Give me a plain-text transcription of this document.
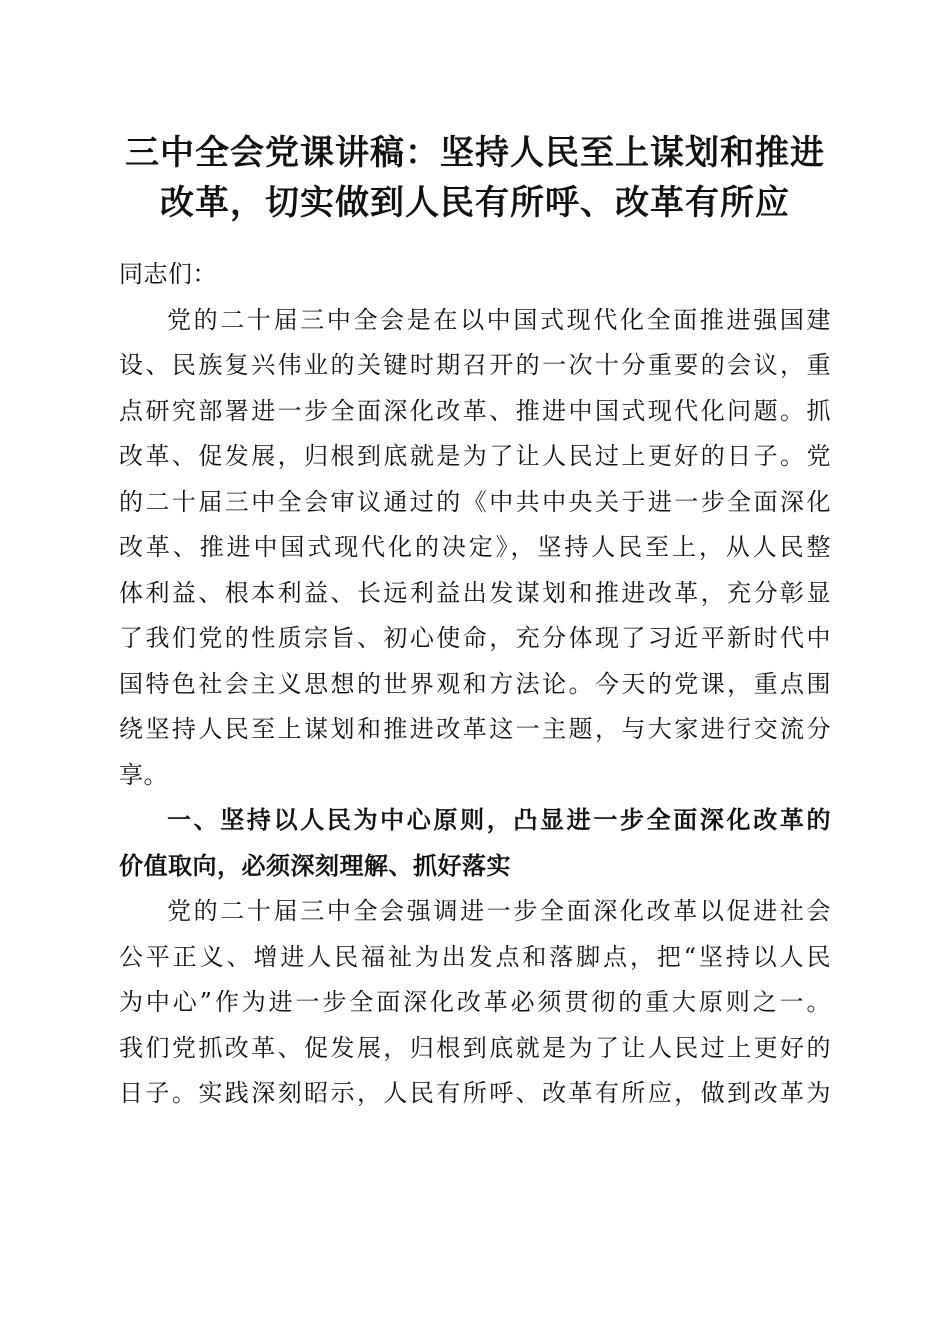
三中全会党课讲稿：坚持人民至上谋划和推进
改革，切实做到人民有所呼、改革有所应
同志们：
党的二十届三中全会是在以中国式现代化全面推进强国建
设、民族复兴伟业的关键时期召开的一次十分重要的会议，重
点研究部署进一步全面深化改革、推进中国式现代化问题。抓
改革、促发展，归根到底就是为了让人民过上更好的日子。党
的二十届三中全会审议通过的《中共中央关于进一步全面深化
改革、推进中国式现代化的决定》，坚持人民至上，从人民整
体利益、根本利益、长远利益出发谋划和推进改革，充分彰显
了我们党的性质宗旨、初心使命，充分体现了习近平新时代中
国特色社会主义思想的世界观和方法论。今天的党课，重点围
绕坚持人民至上谋划和推进改革这一主题，与大家进行交流分
享。
一、坚持以人民为中心原则，凸显进一步全面深化改革的
价值取向，必须深刻理解、抓好落实
党的二十届三中全会强调进一步全面深化改革以促进社会
公平正义、增进人民福祉为出发点和落脚点，把“坚持以人民
为中心”作为进一步全面深化改革必须贯彻的重大原则之一。
我们党抓改革、促发展，归根到底就是为了让人民过上更好的
日子。实践深刻昭示，人民有所呼、改革有所应，做到改革为
